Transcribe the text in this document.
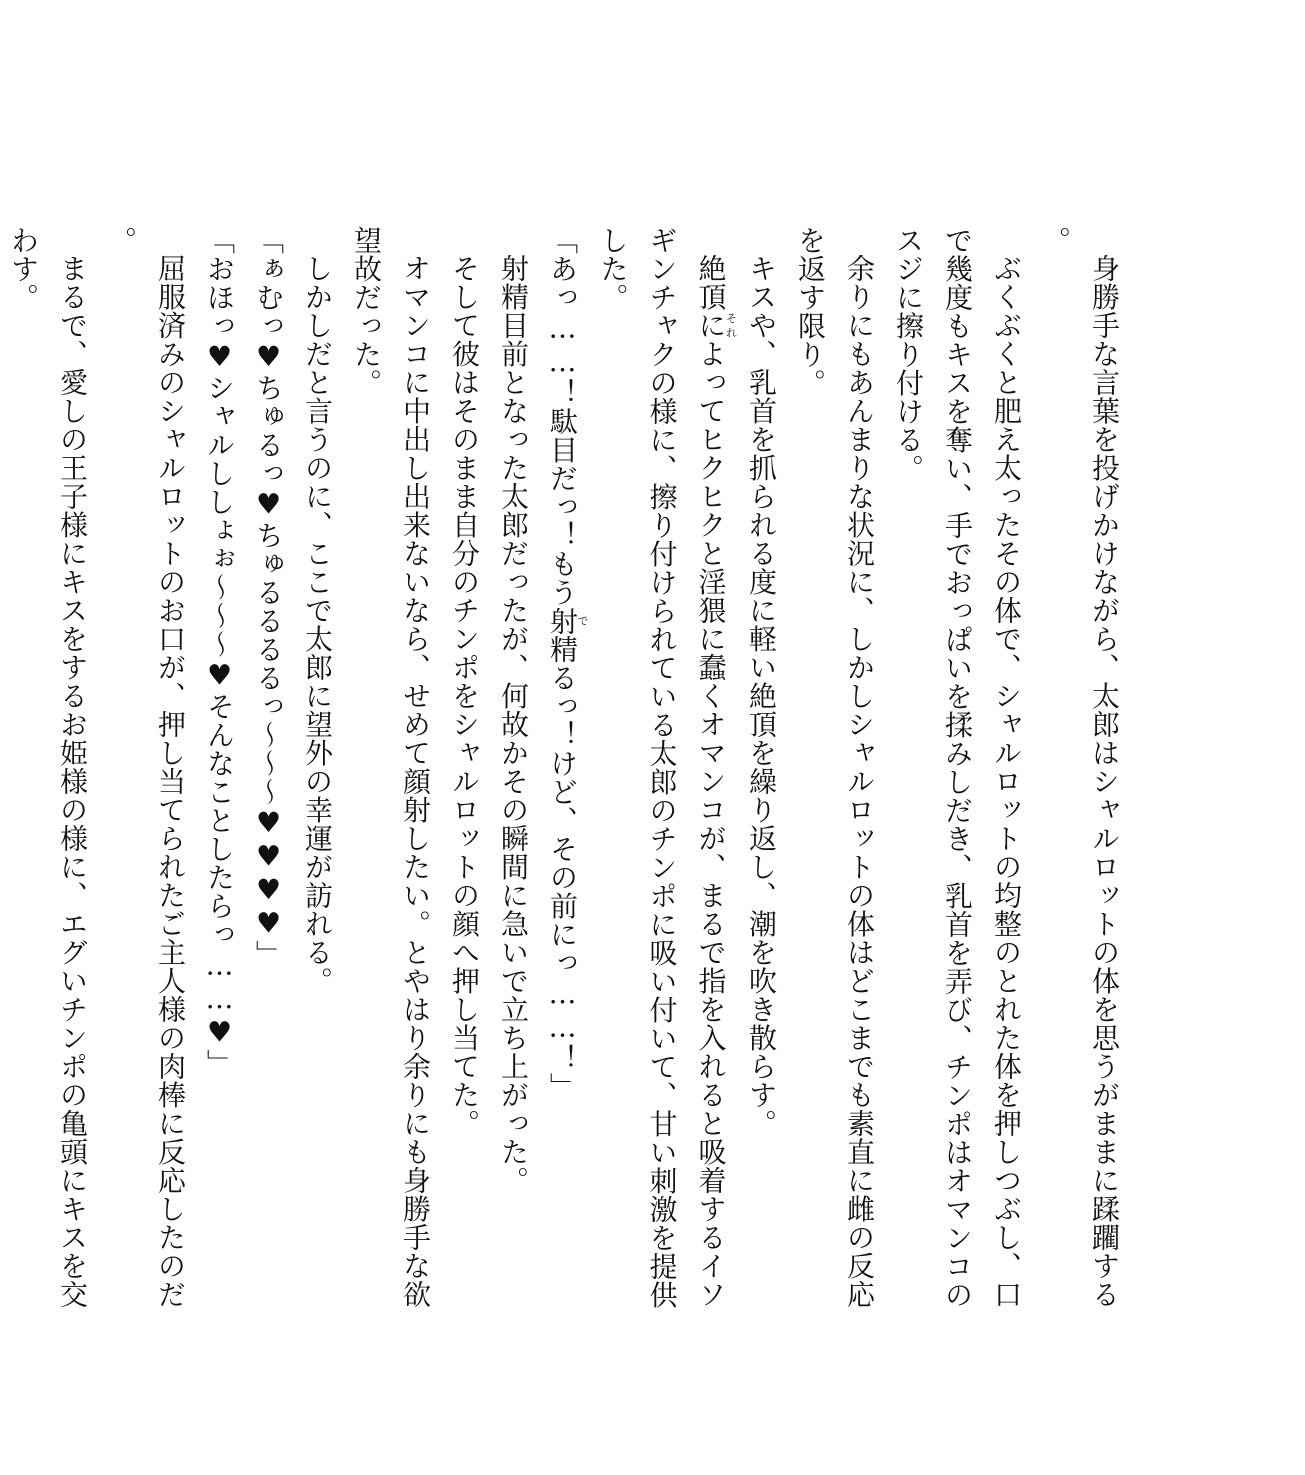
身勝手な言葉を投げかけながら、太郎はシャルロットの体を思うがままに蹂躙する。

ぶくぶくと肥え太ったその体で、シャルロットの均整のとれた体を押しつぶし、口で幾度もキスを奪い、手でおっぱいを揉みしだき、乳首を弄び、チンポはオマンコのスジに擦り付ける。

余りにもあんまりな状況に、しかしシャルロットの体はどこまでも素直に雌の反応を返す限り。

キスや、乳首を抓られる度に軽い絶頂を繰り返し、潮を吹き散らす。

絶頂にそれよってヒクヒクと淫猥に蠢くオマンコが、まるで指を入れると吸着するイソギンチャクの様に、擦り付けられている太郎のチンポに吸い付いて、甘い刺激を提供した。

「あっ……！駄目だっ！もう射で精るっ！けど、その前にっ……！」

射精目前となった太郎だったが、何故かその瞬間に急いで立ち上がった。

そして彼はそのまま自分のチンポをシャルロットの顔へ押し当てた。

オマンコに中出し出来ないなら、せめて顔射したい。とやはり余りにも身勝手な欲望故だった。

しかしだと言うのに、ここで太郎に望外の幸運が訪れる。

「ぁむっ♥ちゅるっ♥ちゅるるるるっ～～～♥♥♥♥」

「おほっ♥シャルししょぉ～～～♥そんなことしたらっ……♥」

屈服済みのシャルロットのお口が、押し当てられたご主人様の肉棒に反応したのだ。

まるで、愛しの王子様にキスをするお姫様の様に、エグいチンポの亀頭にキスを交わす。
